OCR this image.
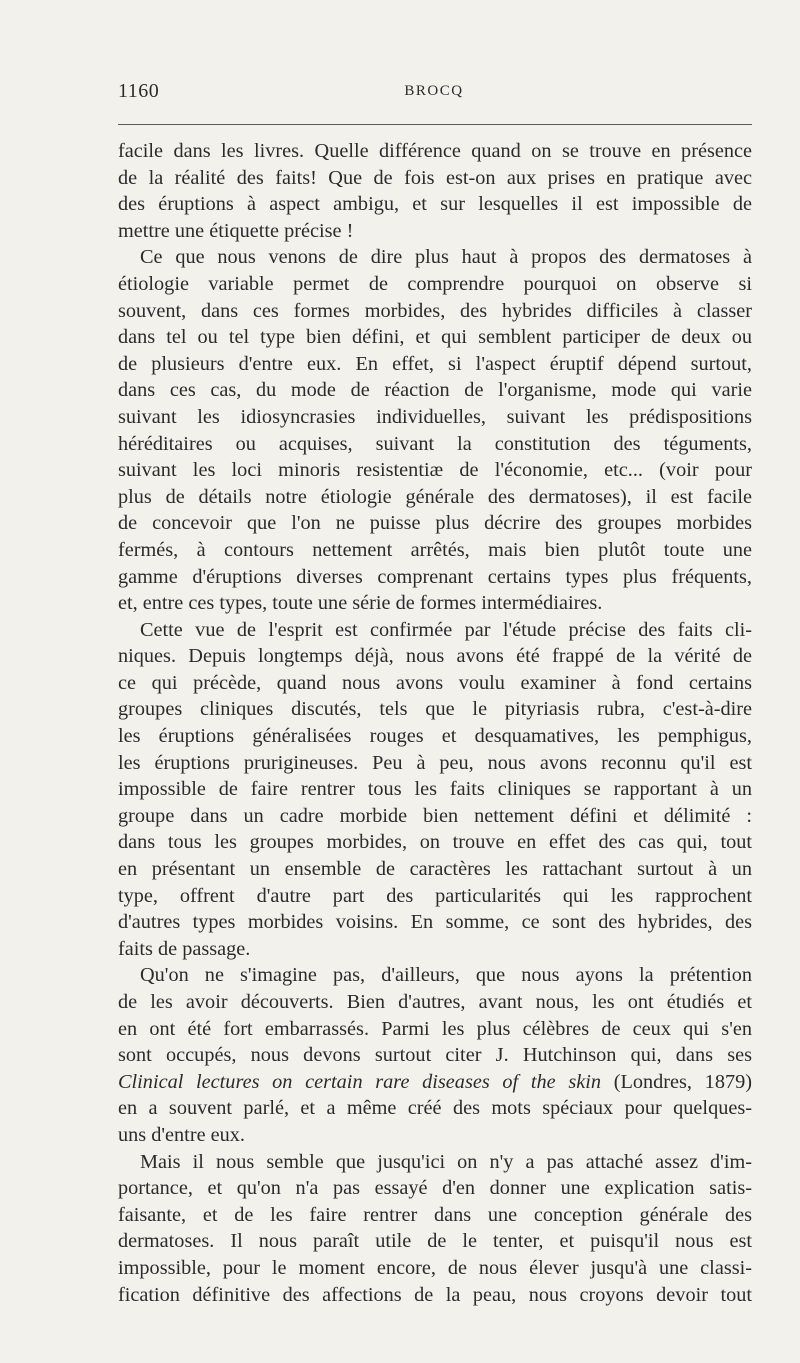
1160	BROCQ
facile dans les livres. Quelle différence quand on se trouve en présence
de la réalité des faits! Que de fois est-on aux prises en pratique avec
des éruptions à aspect ambigu, et sur lesquelles il est impossible de
mettre une étiquette précise !
Ce que nous venons de dire plus haut à propos des dermatoses à
étiologie variable permet de comprendre pourquoi on observe si
souvent, dans ces formes morbides, des hybrides difficiles à classer
dans tel ou tel type bien défini, et qui semblent participer de deux ou
de plusieurs d'entre eux. En effet, si l'aspect éruptif dépend surtout,
dans ces cas, du mode de réaction de l'organisme, mode qui varie
suivant les idiosyncrasies individuelles, suivant les prédispositions
héréditaires ou acquises, suivant la constitution des téguments,
suivant les loci minoris resistentiæ de l'économie, etc... (voir pour
plus de détails notre étiologie générale des dermatoses), il est facile
de concevoir que l'on ne puisse plus décrire des groupes morbides
fermés, à contours nettement arrêtés, mais bien plutôt toute une
gamme d'éruptions diverses comprenant certains types plus fréquents,
et, entre ces types, toute une série de formes intermédiaires.
Cette vue de l'esprit est confirmée par l'étude précise des faits cli-
niques. Depuis longtemps déjà, nous avons été frappé de la vérité de
ce qui précède, quand nous avons voulu examiner à fond certains
groupes cliniques discutés, tels que le pityriasis rubra, c'est-à-dire
les éruptions généralisées rouges et desquamatives, les pemphigus,
les éruptions prurigineuses. Peu à peu, nous avons reconnu qu'il est
impossible de faire rentrer tous les faits cliniques se rapportant à un
groupe dans un cadre morbide bien nettement défini et délimité :
dans tous les groupes morbides, on trouve en effet des cas qui, tout
en présentant un ensemble de caractères les rattachant surtout à un
type, offrent d'autre part des particularités qui les rapprochent
d'autres types morbides voisins. En somme, ce sont des hybrides, des
faits de passage.
Qu'on ne s'imagine pas, d'ailleurs, que nous ayons la prétention
de les avoir découverts. Bien d'autres, avant nous, les ont étudiés et
en ont été fort embarrassés. Parmi les plus célèbres de ceux qui s'en
sont occupés, nous devons surtout citer J. Hutchinson qui, dans ses
Clinical lectures on certain rare diseases of the skin (Londres, 1879)
en a souvent parlé, et a même créé des mots spéciaux pour quelques-
uns d'entre eux.
Mais il nous semble que jusqu'ici on n'y a pas attaché assez d'im-
portance, et qu'on n'a pas essayé d'en donner une explication satis-
faisante, et de les faire rentrer dans une conception générale des
dermatoses. Il nous paraît utile de le tenter, et puisqu'il nous est
impossible, pour le moment encore, de nous élever jusqu'à une classi-
fication définitive des affections de la peau, nous croyons devoir tout
